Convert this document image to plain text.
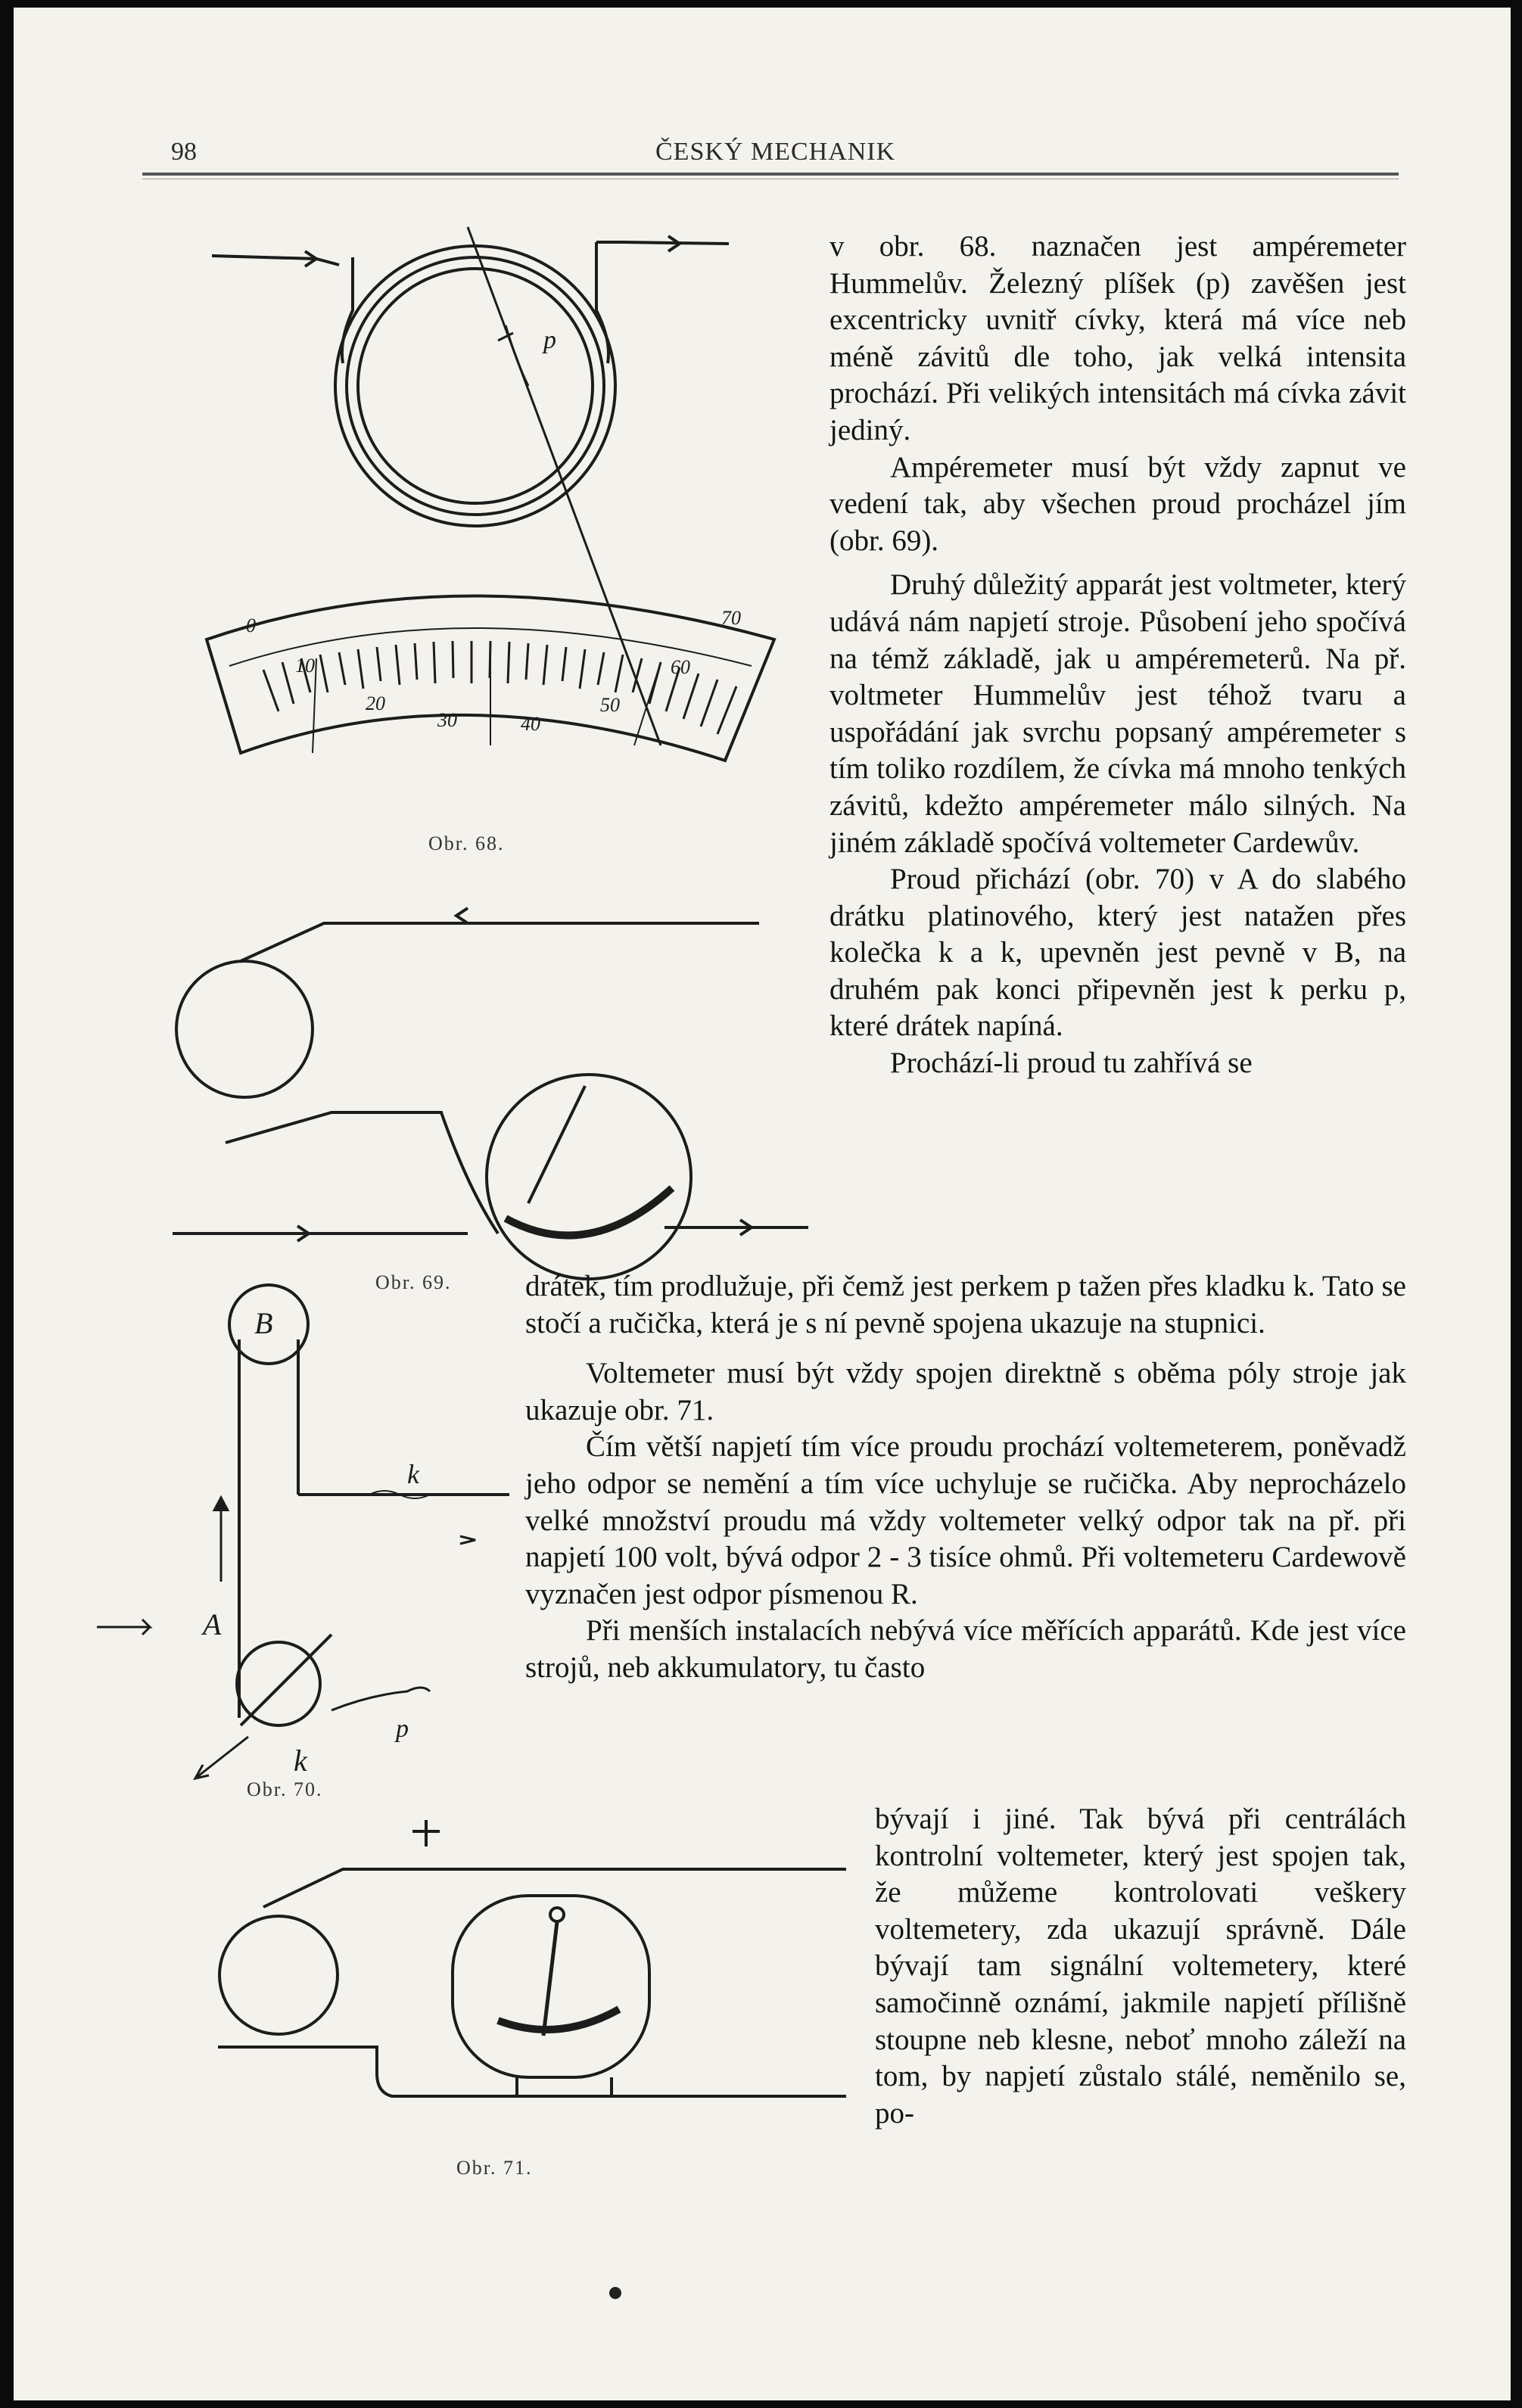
98	ČESKÝ MECHANIK
0
10
20
30	40
50
60
70
p
B
k
A
k
p
Obr. 68.
Obr. 69.
Obr. 70.
Obr. 71.

v obr. 68. naznačen jest ampéremeter Hummelův. Železný plíšek (p) zavěšen jest excentricky uvnitř cívky, která má více neb méně závitů dle toho, jak velká intensita prochází. Při velikých intensitách má cívka závit jediný.

Ampéremeter musí být vždy zapnut ve vedení tak, aby všechen proud procházel jím (obr. 69).

Druhý důležitý apparát jest voltmeter, který udává nám napjetí stroje. Působení jeho spočívá na témž základě, jak u ampéremeterů. Na př. voltmeter Hummelův jest téhož tvaru a uspořádání jak svrchu popsaný ampéremeter s tím toliko rozdílem, že cívka má mnoho tenkých závitů, kdežto ampéremeter málo silných. Na jiném základě spočívá voltemeter Cardewův.

Proud přichází (obr. 70) v A do slabého drátku platinového, který jest natažen přes kolečka k a k, upevněn jest pevně v B, na druhém pak konci připevněn jest k perku p, které drátek napíná.

Prochází-li proud tu zahřívá se

drátek, tím prodlužuje, při čemž jest perkem p tažen přes kladku k. Tato se stočí a ručička, která je s ní pevně spojena ukazuje na stupnici.

Voltemeter musí být vždy spojen direktně s oběma póly stroje jak ukazuje obr. 71.

Čím větší napjetí tím více proudu prochází voltemeterem, poněvadž jeho odpor se nemění a tím více uchyluje se ručička. Aby neprocházelo velké množství proudu má vždy voltemeter velký odpor tak na př. při napjetí 100 volt, bývá odpor 2 - 3 tisíce ohmů. Při voltemeteru Cardewově vyznačen jest odpor písmenou R.

Při menších instalacích nebývá více měřících apparátů. Kde jest více strojů, neb akkumulatory, tu často

bývají i jiné. Tak bývá při centrálách kontrolní voltemeter, který jest spojen tak, že můžeme kontrolovati veškery voltemetery, zda ukazují správně. Dále bývají tam signální voltemetery, které samočinně oznámí, jakmile napjetí přílišně stoupne neb klesne, neboť mnoho záleží na tom, by napjetí zůstalo stálé, neměnilo se, po-
